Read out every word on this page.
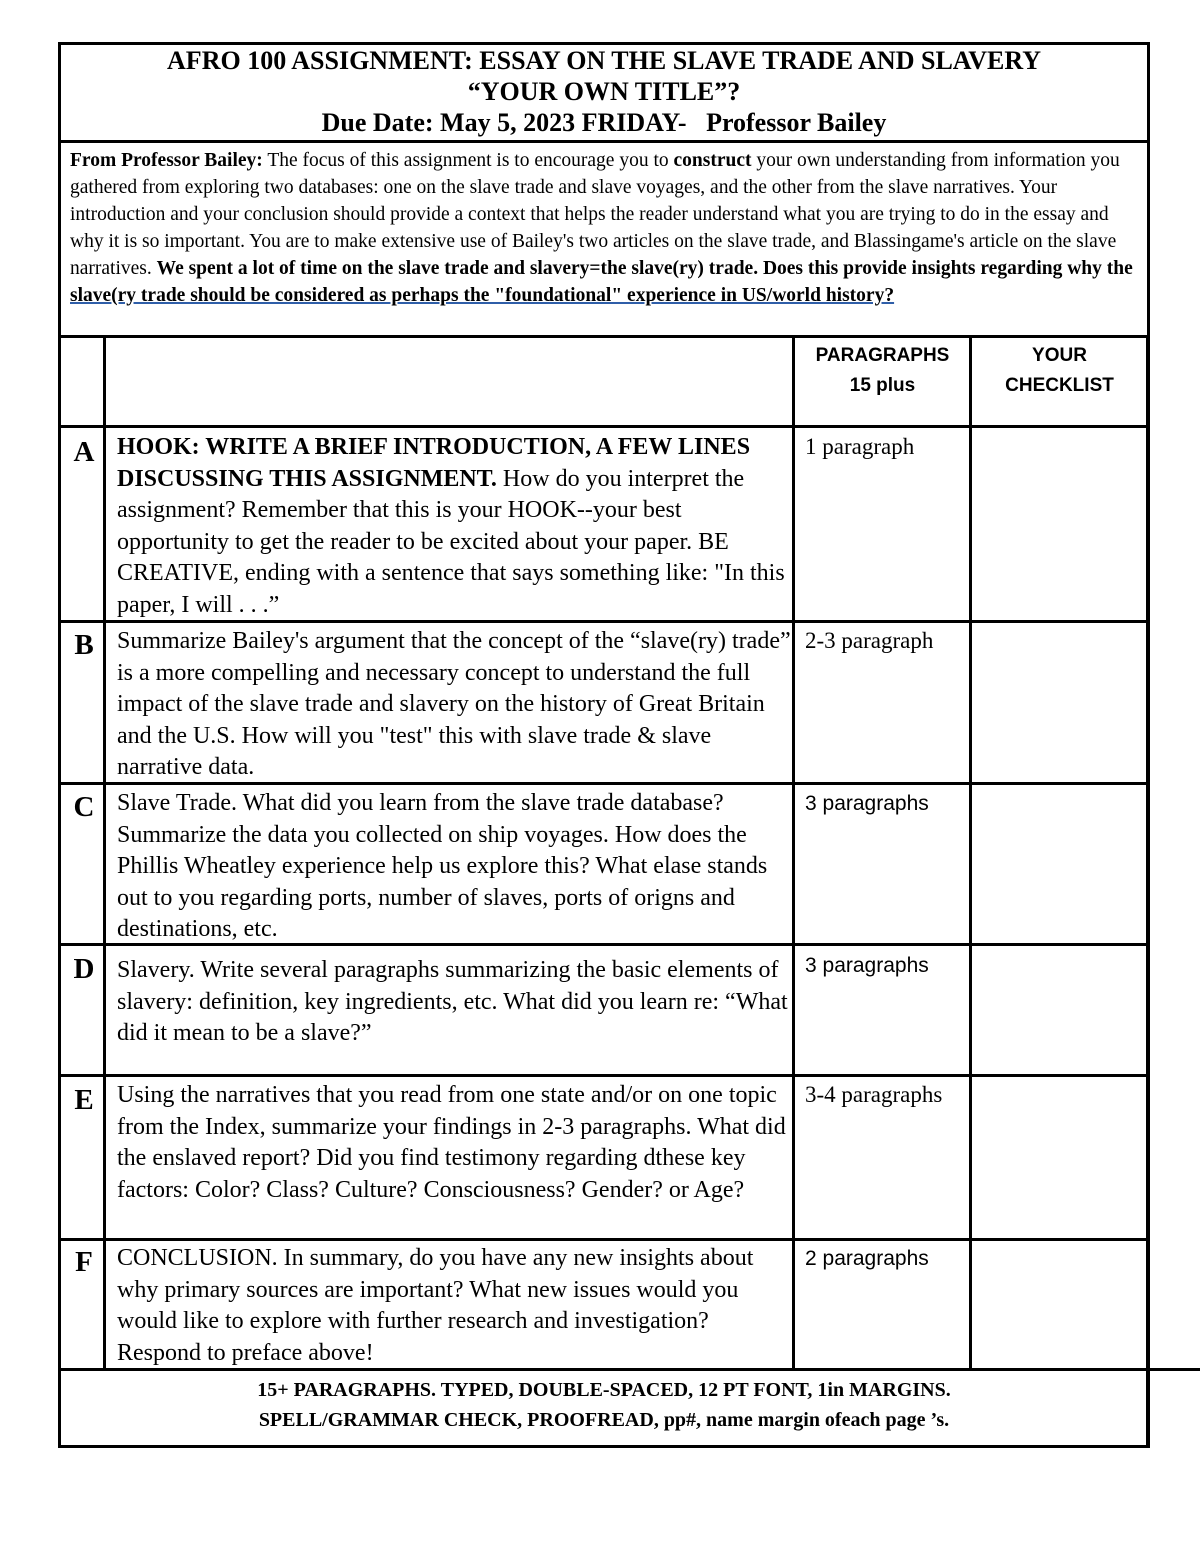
AFRO 100 ASSIGNMENT: ESSAY ON THE SLAVE TRADE AND SLAVERY
“YOUR OWN TITLE”?
Due Date: May 5, 2023 FRIDAY-   Professor Bailey
From Professor Bailey: The focus of this assignment is to encourage you to construct your own understanding from information you gathered from exploring two databases: one on the slave trade and slave voyages, and the other from the slave narratives. Your introduction and your conclusion should provide a context that helps the reader understand what you are trying to do in the essay and why it is so important. You are to make extensive use of Bailey's two articles on the slave trade, and Blassingame's article on the slave narratives. We spent a lot of time on the slave trade and slavery=the slave(ry) trade. Does this provide insights regarding why the slave(ry trade should be considered as perhaps the "foundational" experience in US/world history?
PARAGRAPHS
15 plus
YOUR
CHECKLIST
A HOOK: WRITE A BRIEF INTRODUCTION, A FEW LINES DISCUSSING THIS ASSIGNMENT. How do you interpret the assignment? Remember that this is your HOOK--your best opportunity to get the reader to be excited about your paper. BE CREATIVE, ending with a sentence that says something like: "In this paper, I will . . .”
1 paragraph
B Summarize Bailey's argument that the concept of the “slave(ry) trade” is a more compelling and necessary concept to understand the full impact of the slave trade and slavery on the history of Great Britain and the U.S. How will you "test" this with slave trade & slave narrative data.
2-3 paragraph
C Slave Trade. What did you learn from the slave trade database? Summarize the data you collected on ship voyages. How does the Phillis Wheatley experience help us explore this? What elase stands out to you regarding ports, number of slaves, ports of origns and destinations, etc.
3 paragraphs
D Slavery. Write several paragraphs summarizing the basic elements of slavery: definition, key ingredients, etc. What did you learn re: “What did it mean to be a slave?”
3 paragraphs
E Using the narratives that you read from one state and/or on one topic from the Index, summarize your findings in 2-3 paragraphs. What did the enslaved report? Did you find testimony regarding dthese key factors: Color? Class? Culture? Consciousness? Gender? or Age?
3-4 paragraphs
F	CONCLUSION. In summary, do you have any new insights about why primary sources are important? What new issues would you would like to explore with further research and investigation? Respond to preface above!
2 paragraphs
15+ PARAGRAPHS. TYPED, DOUBLE-SPACED, 12 PT FONT, 1in MARGINS.
SPELL/GRAMMAR CHECK, PROOFREAD, pp#, name margin ofeach page ’s.
